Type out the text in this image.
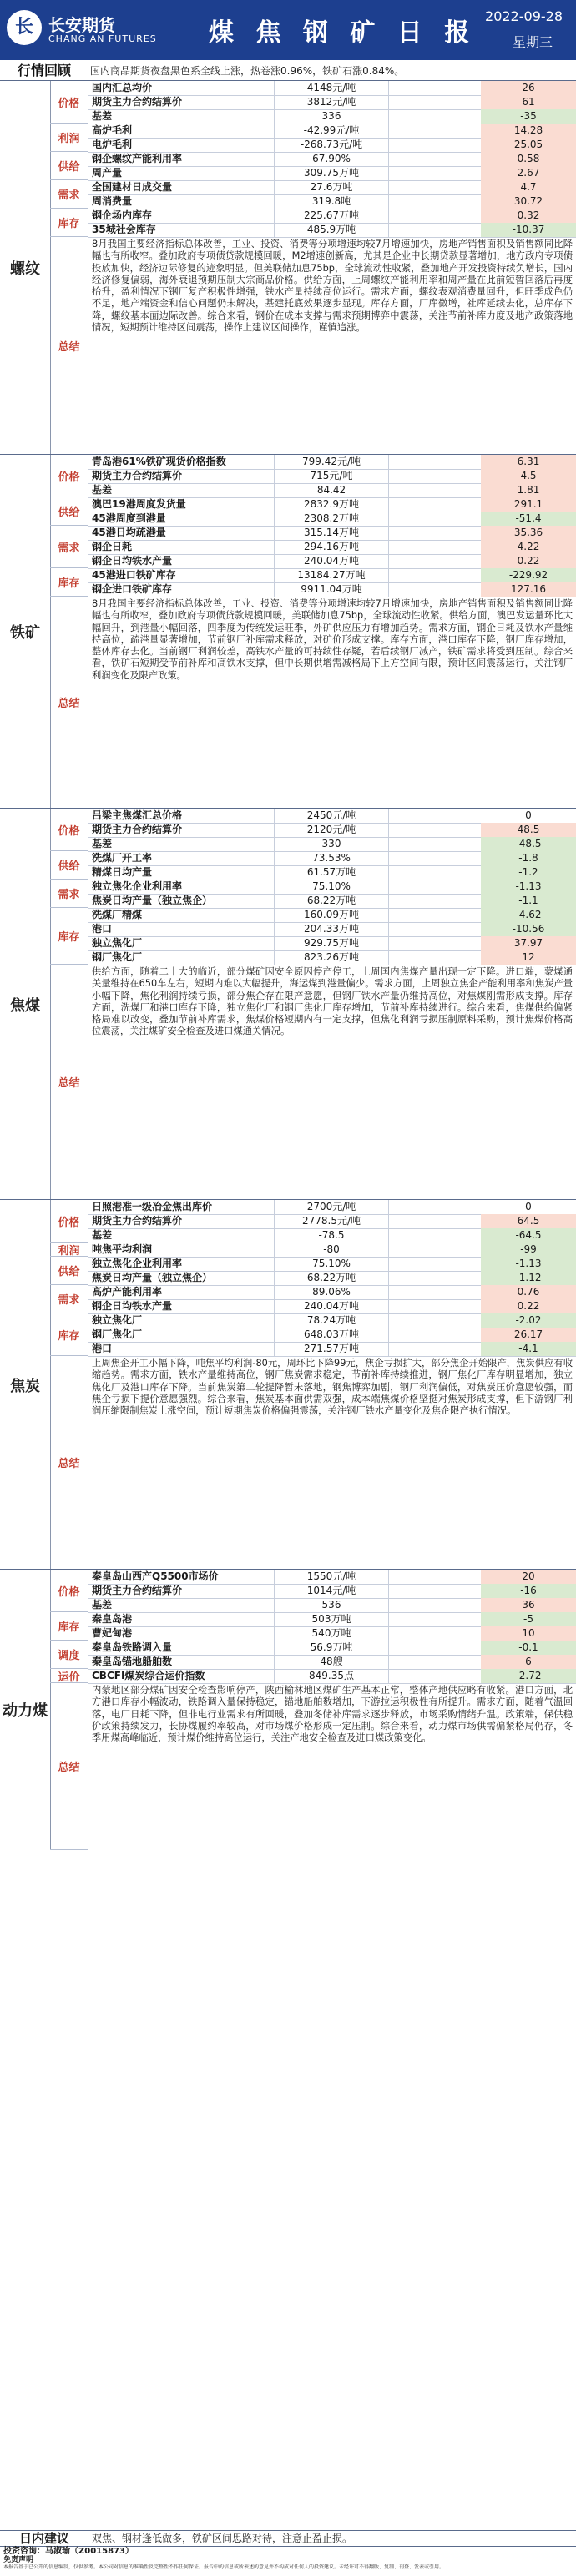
长 长安期货
CHANG AN FUTURES 煤 焦 钢 矿 日 报
2022-09-28
星期三
行情回顾	国内商品期货夜盘黑色系全线上涨，热卷涨0.96%，铁矿石涨0.84%。
螺纹
价格
国内汇总均价	4148元/吨	26
期货主力合约结算价	3812元/吨	61
基差	336	-35
利润
高炉毛利	-42.99元/吨	14.28
电炉毛利	-268.73元/吨	25.05
供给
钢企螺纹产能利用率	67.90%	0.58
周产量	309.75万吨	2.67
需求
全国建材日成交量	27.6万吨	4.7
周消费量	319.8吨	30.72
库存
钢企场内库存	225.67万吨	0.32
35城社会库存	485.9万吨	-10.37
总结
8月我国主要经济指标总体改善，工业、投资、消费等分项增速均较7月增速加快，房地产销售面积及销售额同比降幅也有所收窄。叠加政府专项债贷款规模回暖，M2增速创新高，尤其是企业中长期贷款显著增加，地方政府专项债投放加快，经济边际修复的迹象明显。但美联储加息75bp，全球流动性收紧，叠加地产开发投资持续负增长，国内经济修复偏弱，海外衰退预期压制大宗商品价格。供给方面，上周螺纹产能利用率和周产量在此前短暂回落后再度抬升，盈利情况下钢厂复产积极性增强，铁水产量持续高位运行。需求方面，螺纹表观消费量回升，但旺季成色仍不足，地产端资金和信心问题仍未解决，基建托底效果逐步显现。库存方面，厂库微增，社库延续去化，总库存下降，螺纹基本面边际改善。综合来看，钢价在成本支撑与需求预期博弈中震荡，关注节前补库力度及地产政策落地情况，短期预计维持区间震荡，操作上建议区间操作，谨慎追涨。
铁矿
价格
青岛港61%铁矿现货价格指数	799.42元/吨	6.31
期货主力合约结算价	715元/吨	4.5
基差	84.42	1.81
供给
澳巴19港周度发货量	2832.9万吨	291.1
45港周度到港量	2308.2万吨	-51.4
需求
45港日均疏港量	315.14万吨	35.36
钢企日耗	294.16万吨	4.22
钢企日均铁水产量	240.04万吨	0.22
库存
45港进口铁矿库存	13184.27万吨	-229.92
钢企进口铁矿库存	9911.04万吨	127.16
总结
8月我国主要经济指标总体改善，工业、投资、消费等分项增速均较7月增速加快，房地产销售面积及销售额同比降幅也有所收窄，叠加政府专项债贷款规模回暖，美联储加息75bp，全球流动性收紧。供给方面，澳巴发运量环比大幅回升，到港量小幅回落，四季度为传统发运旺季，外矿供应压力有增加趋势。需求方面，钢企日耗及铁水产量维持高位，疏港量显著增加，节前钢厂补库需求释放，对矿价形成支撑。库存方面，港口库存下降，钢厂库存增加，整体库存去化。当前钢厂利润较差，高铁水产量的可持续性存疑，若后续钢厂减产，铁矿需求将受到压制。综合来看，铁矿石短期受节前补库和高铁水支撑，但中长期供增需减格局下上方空间有限，预计区间震荡运行，关注钢厂利润变化及限产政策。
焦煤
价格
吕梁主焦煤汇总价格	2450元/吨	0
期货主力合约结算价	2120元/吨	48.5
基差	330	-48.5
供给
洗煤厂开工率	73.53%	-1.8
精煤日均产量	61.57万吨	-1.2
需求
独立焦化企业利用率	75.10%	-1.13
焦炭日均产量（独立焦企）	68.22万吨	-1.1
库存
洗煤厂精煤	160.09万吨	-4.62
港口	204.33万吨	-10.56
独立焦化厂	929.75万吨	37.97
钢厂焦化厂	823.26万吨	12
总结
供给方面，随着二十大的临近，部分煤矿因安全原因停产停工，上周国内焦煤产量出现一定下降。进口端，蒙煤通关量维持在650车左右，短期内难以大幅提升，海运煤到港量偏少。需求方面，上周独立焦企产能利用率和焦炭产量小幅下降，焦化利润持续亏损，部分焦企存在限产意愿，但钢厂铁水产量仍维持高位，对焦煤刚需形成支撑。库存方面，洗煤厂和港口库存下降，独立焦化厂和钢厂焦化厂库存增加，节前补库持续进行。综合来看，焦煤供给偏紧格局难以改变，叠加节前补库需求，焦煤价格短期内有一定支撑，但焦化利润亏损压制原料采购，预计焦煤价格高位震荡，关注煤矿安全检查及进口煤通关情况。
焦炭
价格
日照港准一级冶金焦出库价	2700元/吨	0
期货主力合约结算价	2778.5元/吨	64.5
基差	-78.5	-64.5
利润	吨焦平均利润	-80	-99
供给
独立焦化企业利用率	75.10%	-1.13
焦炭日均产量（独立焦企）	68.22万吨	-1.12
需求
高炉产能利用率	89.06%	0.76
钢企日均铁水产量	240.04万吨	0.22
库存
独立焦化厂	78.24万吨	-2.02
钢厂焦化厂	648.03万吨	26.17
港口	271.57万吨	-4.1
总结
上周焦企开工小幅下降，吨焦平均利润-80元，周环比下降99元，焦企亏损扩大，部分焦企开始限产，焦炭供应有收缩趋势。需求方面，铁水产量维持高位，钢厂焦炭需求稳定，节前补库持续推进，钢厂焦化厂库存明显增加，独立焦化厂及港口库存下降。当前焦炭第二轮提降暂未落地，钢焦博弈加剧，钢厂利润偏低，对焦炭压价意愿较强，而焦企亏损下提价意愿强烈。综合来看，焦炭基本面供需双强，成本端焦煤价格坚挺对焦炭形成支撑，但下游钢厂利润压缩限制焦炭上涨空间，预计短期焦炭价格偏强震荡，关注钢厂铁水产量变化及焦企限产执行情况。
动力煤
价格
秦皇岛山西产Q5500市场价	1550元/吨	20
期货主力合约结算价	1014元/吨	-16
基差	536	36
库存
秦皇岛港	503万吨	-5
曹妃甸港	540万吨	10
调度
秦皇岛铁路调入量	56.9万吨	-0.1
秦皇岛锚地船舶数	48艘	6
运价	CBCFI煤炭综合运价指数	849.35点	-2.72
总结
内蒙地区部分煤矿因安全检查影响停产，陕西榆林地区煤矿生产基本正常，整体产地供应略有收紧。港口方面，北方港口库存小幅波动，铁路调入量保持稳定，锚地船舶数增加，下游拉运积极性有所提升。需求方面，随着气温回落，电厂日耗下降，但非电行业需求有所回暖，叠加冬储补库需求逐步释放，市场采购情绪升温。政策端，保供稳价政策持续发力，长协煤履约率较高，对市场煤价格形成一定压制。综合来看，动力煤市场供需偏紧格局仍存，冬季用煤高峰临近，预计煤价维持高位运行，关注产地安全检查及进口煤政策变化。
日内建议	双焦、钢材逢低做多，铁矿区间思路对待，注意止盈止损。
投资咨询：马淑瑜（Z0015873）
免责声明
本报告基于已公开的信息编制，仅供参考。本公司对信息的准确性及完整性不作任何保证。报告中的信息或所表述的意见并不构成对任何人的投资建议。未经许可不得翻版、复制、刊登、发表或引用。
